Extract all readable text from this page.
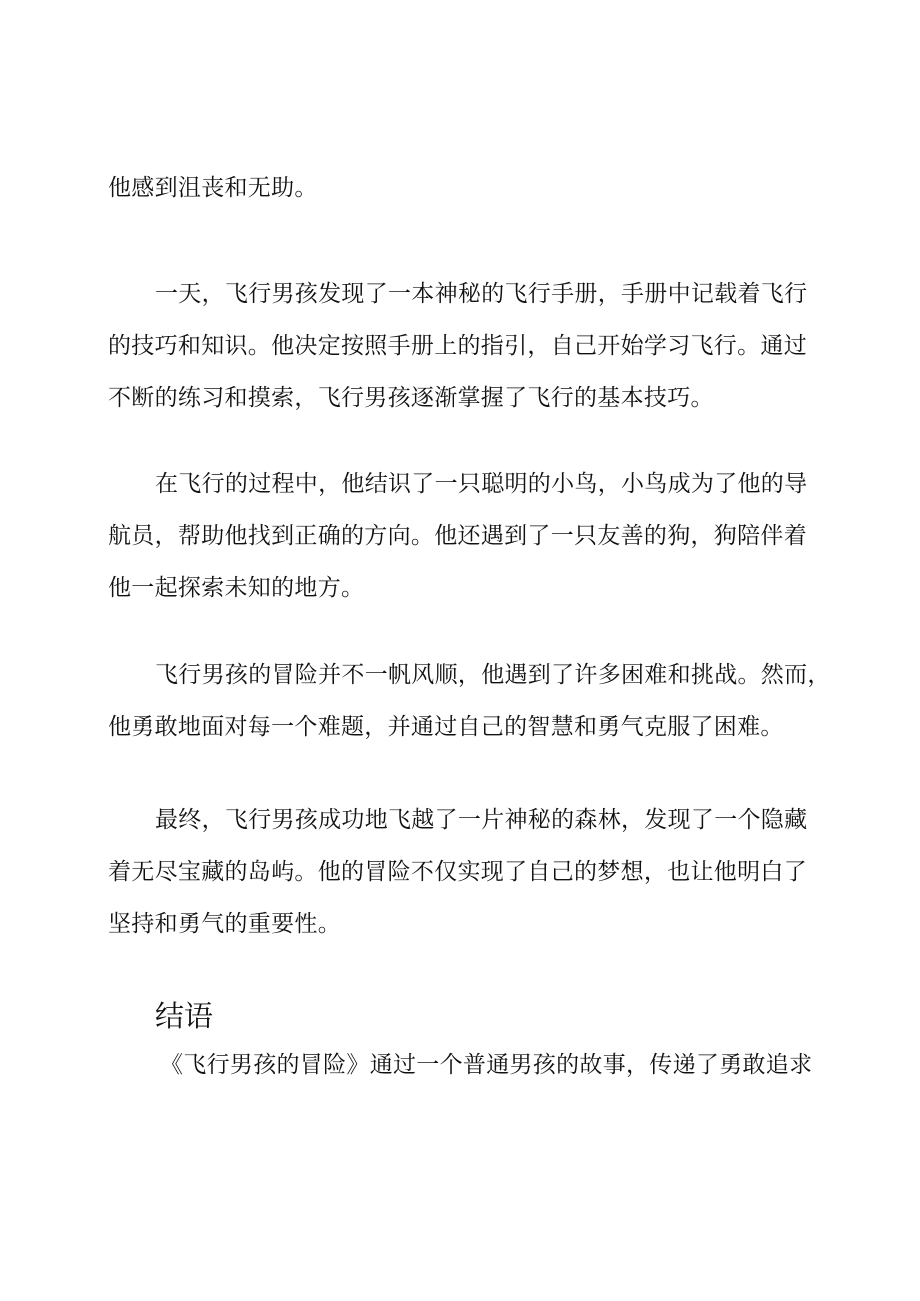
他感到沮丧和无助。

一天，飞行男孩发现了一本神秘的飞行手册，手册中记载着飞行
的技巧和知识。他决定按照手册上的指引，自己开始学习飞行。通过
不断的练习和摸索，飞行男孩逐渐掌握了飞行的基本技巧。

在飞行的过程中，他结识了一只聪明的小鸟，小鸟成为了他的导
航员，帮助他找到正确的方向。他还遇到了一只友善的狗，狗陪伴着
他一起探索未知的地方。

飞行男孩的冒险并不一帆风顺，他遇到了许多困难和挑战。然而，
他勇敢地面对每一个难题，并通过自己的智慧和勇气克服了困难。

最终，飞行男孩成功地飞越了一片神秘的森林，发现了一个隐藏
着无尽宝藏的岛屿。他的冒险不仅实现了自己的梦想，也让他明白了
坚持和勇气的重要性。

结语

《飞行男孩的冒险》通过一个普通男孩的故事，传递了勇敢追求
